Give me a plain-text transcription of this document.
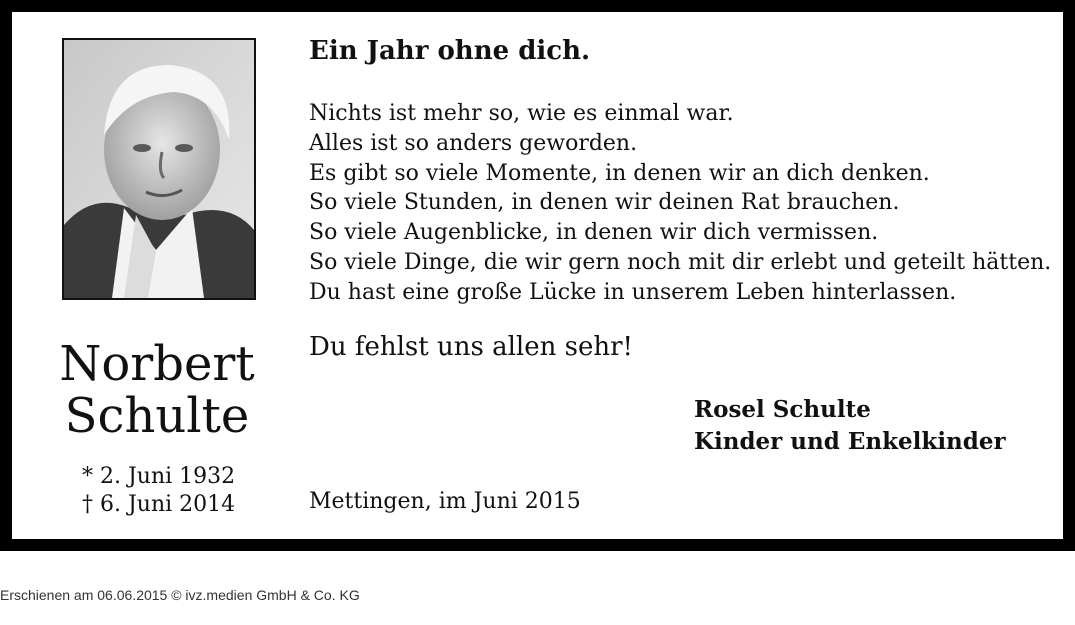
Norbert
Schulte
* 2. Juni 1932
† 6. Juni 2014
Ein Jahr ohne dich.
Nichts ist mehr so, wie es einmal war.
Alles ist so anders geworden.
Es gibt so viele Momente, in denen wir an dich denken.
So viele Stunden, in denen wir deinen Rat brauchen.
So viele Augenblicke, in denen wir dich vermissen.
So viele Dinge, die wir gern noch mit dir erlebt und geteilt hätten.
Du hast eine große Lücke in unserem Leben hinterlassen.
Du fehlst uns allen sehr!
Rosel Schulte
Kinder und Enkelkinder
Mettingen, im Juni 2015
Erschienen am 06.06.2015 © ivz.medien GmbH & Co. KG
